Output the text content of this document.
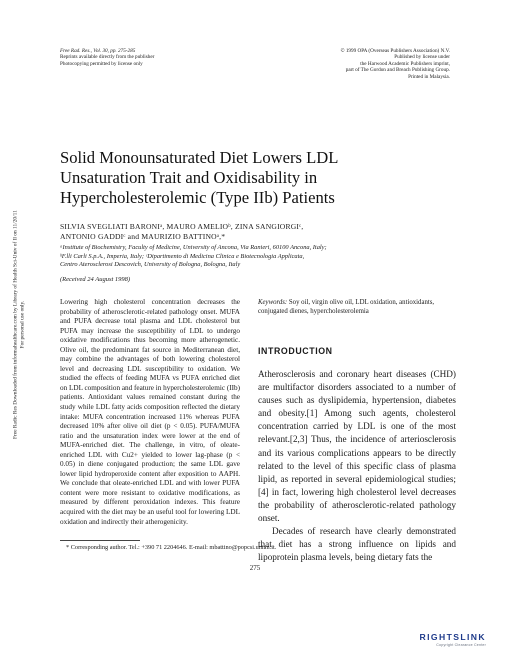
Free Radic Res Downloaded from informahealthcare.com by Library of Health Sci-Univ of Il on 11/20/11 For personal use only.
Free Rad. Res., Vol. 30, pp. 275-285
Reprints available directly from the publisher
Photocopying permitted by license only
© 1999 OPA (Overseas Publishers Association) N.V.
Published by license under
the Harwood Academic Publishers imprint,
part of The Gordon and Breach Publishing Group.
Printed in Malaysia.
Solid Monounsaturated Diet Lowers LDL
Unsaturation Trait and Oxidisability in
Hypercholesterolemic (Type IIb) Patients
SILVIA SVEGLIATI BARONIᵃ, MAURO AMELIOᵇ, ZINA SANGIORGIᶜ,
ANTONIO GADDIᶜ and MAURIZIO BATTINOᵃ,*
ᵃInstitute of Biochemistry, Faculty of Medicine, University of Ancona, Via Ranieri, 60100 Ancona, Italy;
ᵇF.lli Carli S.p.A., Imperia, Italy; ᶜDipartimento di Medicina Clinica e Biotecnologia Applicata,
Centro Aterosclerosi Descovich, University of Bologna, Bologna, Italy
(Received 24 August 1998)
Lowering high cholesterol concentration decreases the probability of atherosclerotic-related pathology onset. MUFA and PUFA decrease total plasma and LDL cholesterol but PUFA may increase the susceptibility of LDL to undergo oxidative modifications thus becoming more atherogenetic. Olive oil, the predominant fat source in Mediterranean diet, may combine the advantages of both lowering cholesterol level and decreasing LDL susceptibility to oxidation. We studied the effects of feeding MUFA vs PUFA enriched diet on LDL composition and feature in hypercholesterolemic (IIb) patients. Antioxidant values remained constant during the study while LDL fatty acids composition reflected the dietary intake: MUFA concentration increased 11% whereas PUFA decreased 10% after olive oil diet (p < 0.05). PUFA/MUFA ratio and the unsaturation index were lower at the end of MUFA-enriched diet. The challenge, in vitro, of oleate-enriched LDL with Cu2+ yielded to lower lag-phase (p < 0.05) in diene conjugated production; the same LDL gave lower lipid hydroperoxide content after exposition to AAPH. We conclude that oleate-enriched LDL and with lower PUFA content were more resistant to oxidative modifications, as measured by different peroxidation indexes. This feature acquired with the diet may be an useful tool for lowering LDL oxidation and indirectly their atherogenicity.
Keywords: Soy oil, virgin olive oil, LDL oxidation, antioxidants, conjugated dienes, hypercholesterolemia
INTRODUCTION

Atherosclerosis and coronary heart diseases (CHD) are multifactor disorders associated to a number of causes such as dyslipidemia, hypertension, diabetes and obesity.[1] Among such agents, cholesterol concentration carried by LDL is one of the most relevant.[2,3] Thus, the incidence of arteriosclerosis and its various complications appears to be directly related to the level of this specific class of plasma lipid, as reported in several epidemiological studies;[4] in fact, lowering high cholesterol level decreases the probability of atherosclerotic-related pathology onset.

Decades of research have clearly demonstrated that diet has a strong influence on lipids and lipoprotein plasma levels, being dietary fats the

* Corresponding author. Tel.: +390 71 2204646. E-mail: mbattino@popcsi.unian.it.
275
RIGHTSLINK
Copyright Clearance Center
